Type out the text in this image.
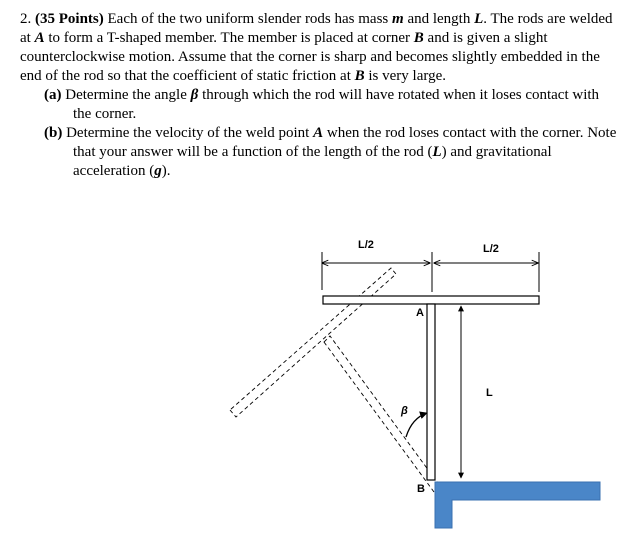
2. (35 Points) Each of the two uniform slender rods has mass m and length L. The rods are welded at A to form a T-shaped member. The member is placed at corner B and is given a slight counterclockwise motion. Assume that the corner is sharp and becomes slightly embedded in the end of the rod so that the coefficient of static friction at B is very large.

(a) Determine the angle β through which the rod will have rotated when it loses contact with the corner.

(b) Determine the velocity of the weld point A when the rod loses contact with the corner. Note that your answer will be a function of the length of the rod (L) and gravitational acceleration (g).

L/2	L/2
L
A
β
B
